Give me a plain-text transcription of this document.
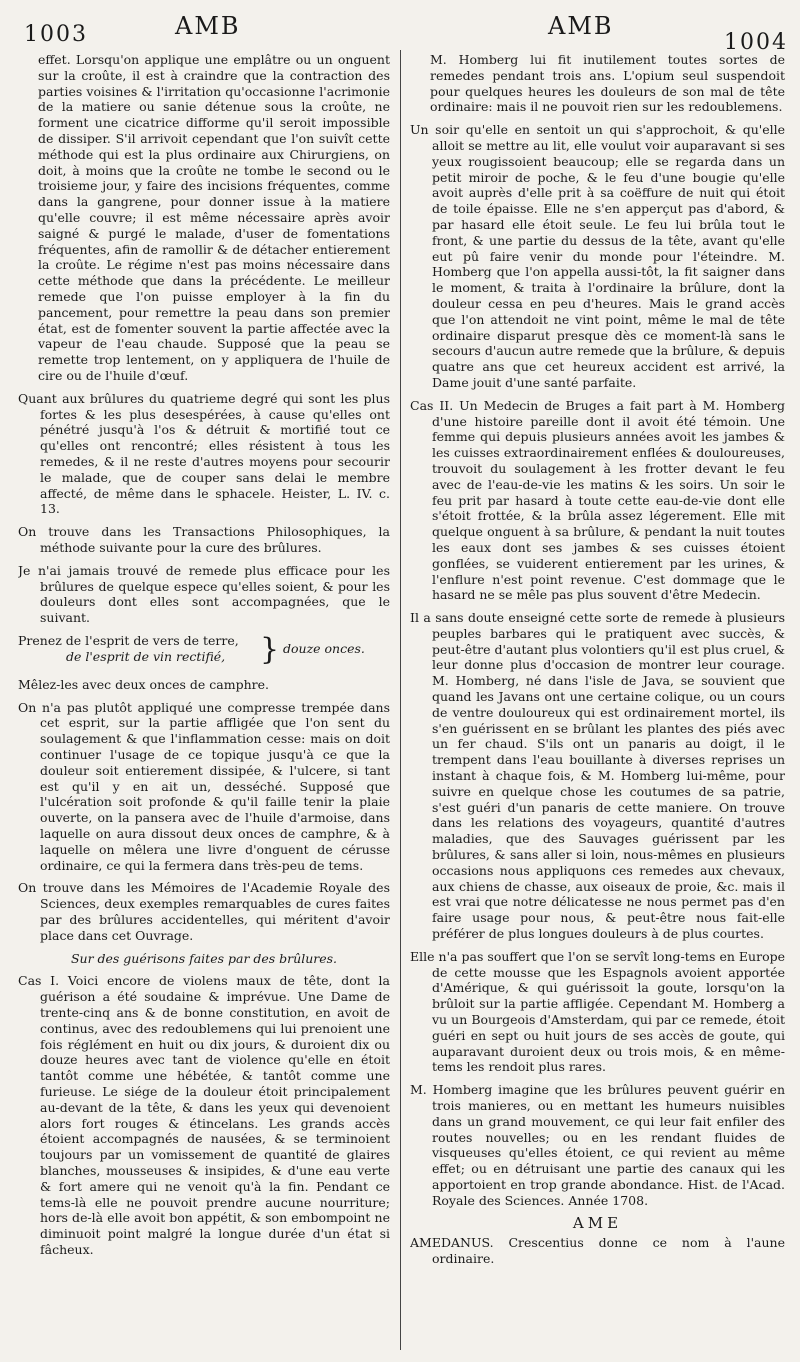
1003	AMB	AMB
1004

effet. Lorsqu'on applique une emplâtre ou un onguent sur la croûte, il est à craindre que la contraction des parties voisines & l'irritation qu'occasionne l'acrimonie de la matiere ou sanie détenue sous la croûte, ne forment une cicatrice difforme qu'il seroit impossible de dissiper. S'il arrivoit cependant que l'on suivît cette méthode qui est la plus ordinaire aux Chirurgiens, on doit, à moins que la croûte ne tombe le second ou le troisieme jour, y faire des incisions fréquentes, comme dans la gangrene, pour donner issue à la matiere qu'elle couvre; il est même nécessaire après avoir saigné & purgé le malade, d'user de fomentations fréquentes, afin de ramollir & de détacher entierement la croûte. Le régime n'est pas moins nécessaire dans cette méthode que dans la précédente. Le meilleur remede que l'on puisse employer à la fin du pancement, pour remettre la peau dans son premier état, est de fomenter souvent la partie affectée avec la vapeur de l'eau chaude. Supposé que la peau se remette trop lentement, on y appliquera de l'huile de cire ou de l'huile d'œuf.

Quant aux brûlures du quatrieme degré qui sont les plus fortes & les plus desespérées, à cause qu'elles ont pénétré jusqu'à l'os & détruit & mortifié tout ce qu'elles ont rencontré; elles résistent à tous les remedes, & il ne reste d'autres moyens pour secourir le malade, que de couper sans delai le membre affecté, de même dans le sphacele. Heister, L. IV. c. 13.

On trouve dans les Transactions Philosophiques, la méthode suivante pour la cure des brûlures.

Je n'ai jamais trouvé de remede plus efficace pour les brûlures de quelque espece qu'elles soient, & pour les douleurs dont elles sont accompagnées, que le suivant.

Prenez de l'esprit de vers de terre,
de l'esprit de vin rectifié, } douze onces.

Mêlez-les avec deux onces de camphre.

On n'a pas plutôt appliqué une compresse trempée dans cet esprit, sur la partie affligée que l'on sent du soulagement & que l'inflammation cesse: mais on doit continuer l'usage de ce topique jusqu'à ce que la douleur soit entierement dissipée, & l'ulcere, si tant est qu'il y en ait un, desséché. Supposé que l'ulcération soit profonde & qu'il faille tenir la plaie ouverte, on la pansera avec de l'huile d'armoise, dans laquelle on aura dissout deux onces de camphre, & à laquelle on mêlera une livre d'onguent de cérusse ordinaire, ce qui la fermera dans très-peu de tems.

On trouve dans les Mémoires de l'Academie Royale des Sciences, deux exemples remarquables de cures faites par des brûlures accidentelles, qui méritent d'avoir place dans cet Ouvrage.

Sur des guérisons faites par des brûlures.

Cas I. Voici encore de violens maux de tête, dont la guérison a été soudaine & imprévue. Une Dame de trente-cinq ans & de bonne constitution, en avoit de continus, avec des redoublemens qui lui prenoient une fois réglément en huit ou dix jours, & duroient dix ou douze heures avec tant de violence qu'elle en étoit tantôt comme une hébétée, & tantôt comme une furieuse. Le siége de la douleur étoit principalement au-devant de la tête, & dans les yeux qui devenoient alors fort rouges & étincelans. Les grands accès étoient accompagnés de nausées, & se terminoient toujours par un vomissement de quantité de glaires blanches, mousseuses & insipides, & d'une eau verte & fort amere qui ne venoit qu'à la fin. Pendant ce tems-là elle ne pouvoit prendre aucune nourriture; hors de-là elle avoit bon appétit, & son embompoint ne diminuoit point malgré la longue durée d'un état si fâcheux.

M. Homberg lui fit inutilement toutes sortes de remedes pendant trois ans. L'opium seul suspendoit pour quelques heures les douleurs de son mal de tête ordinaire: mais il ne pouvoit rien sur les redoublemens.

Un soir qu'elle en sentoit un qui s'approchoit, & qu'elle alloit se mettre au lit, elle voulut voir auparavant si ses yeux rougissoient beaucoup; elle se regarda dans un petit miroir de poche, & le feu d'une bougie qu'elle avoit auprès d'elle prit à sa coëffure de nuit qui étoit de toile épaisse. Elle ne s'en apperçut pas d'abord, & par hasard elle étoit seule. Le feu lui brûla tout le front, & une partie du dessus de la tête, avant qu'elle eut pû faire venir du monde pour l'éteindre. M. Homberg que l'on appella aussi-tôt, la fit saigner dans le moment, & traita à l'ordinaire la brûlure, dont la douleur cessa en peu d'heures. Mais le grand accès que l'on attendoit ne vint point, même le mal de tête ordinaire disparut presque dès ce moment-là sans le secours d'aucun autre remede que la brûlure, & depuis quatre ans que cet heureux accident est arrivé, la Dame jouit d'une santé parfaite.

Cas II. Un Medecin de Bruges a fait part à M. Homberg d'une histoire pareille dont il avoit été témoin. Une femme qui depuis plusieurs années avoit les jambes & les cuisses extraordinairement enflées & douloureuses, trouvoit du soulagement à les frotter devant le feu avec de l'eau-de-vie les matins & les soirs. Un soir le feu prit par hasard à toute cette eau-de-vie dont elle s'étoit frottée, & la brûla assez légerement. Elle mit quelque onguent à sa brûlure, & pendant la nuit toutes les eaux dont ses jambes & ses cuisses étoient gonflées, se vuiderent entierement par les urines, & l'enflure n'est point revenue. C'est dommage que le hasard ne se mêle pas plus souvent d'être Medecin.

Il a sans doute enseigné cette sorte de remede à plusieurs peuples barbares qui le pratiquent avec succès, & peut-être d'autant plus volontiers qu'il est plus cruel, & leur donne plus d'occasion de montrer leur courage. M. Homberg, né dans l'isle de Java, se souvient que quand les Javans ont une certaine colique, ou un cours de ventre douloureux qui est ordinairement mortel, ils s'en guérissent en se brûlant les plantes des piés avec un fer chaud. S'ils ont un panaris au doigt, il le trempent dans l'eau bouillante à diverses reprises un instant à chaque fois, & M. Homberg lui-même, pour suivre en quelque chose les coutumes de sa patrie, s'est guéri d'un panaris de cette maniere. On trouve dans les relations des voyageurs, quantité d'autres maladies, que des Sauvages guérissent par les brûlures, & sans aller si loin, nous-mêmes en plusieurs occasions nous appliquons ces remedes aux chevaux, aux chiens de chasse, aux oiseaux de proie, &c. mais il est vrai que notre délicatesse ne nous permet pas d'en faire usage pour nous, & peut-être nous fait-elle préférer de plus longues douleurs à de plus courtes.

Elle n'a pas souffert que l'on se servît long-tems en Europe de cette mousse que les Espagnols avoient apportée d'Amérique, & qui guérissoit la goute, lorsqu'on la brûloit sur la partie affligée. Cependant M. Homberg a vu un Bourgeois d'Amsterdam, qui par ce remede, étoit guéri en sept ou huit jours de ses accès de goute, qui auparavant duroient deux ou trois mois, & en même-tems les rendoit plus rares.

M. Homberg imagine que les brûlures peuvent guérir en trois manieres, ou en mettant les humeurs nuisibles dans un grand mouvement, ce qui leur fait enfiler des routes nouvelles; ou en les rendant fluides de visqueuses qu'elles étoient, ce qui revient au même effet; ou en détruisant une partie des canaux qui les apportoient en trop grande abondance. Hist. de l'Acad. Royale des Sciences. Année 1708.

AME

AMEDANUS. Crescentius donne ce nom à l'aune ordinaire.
